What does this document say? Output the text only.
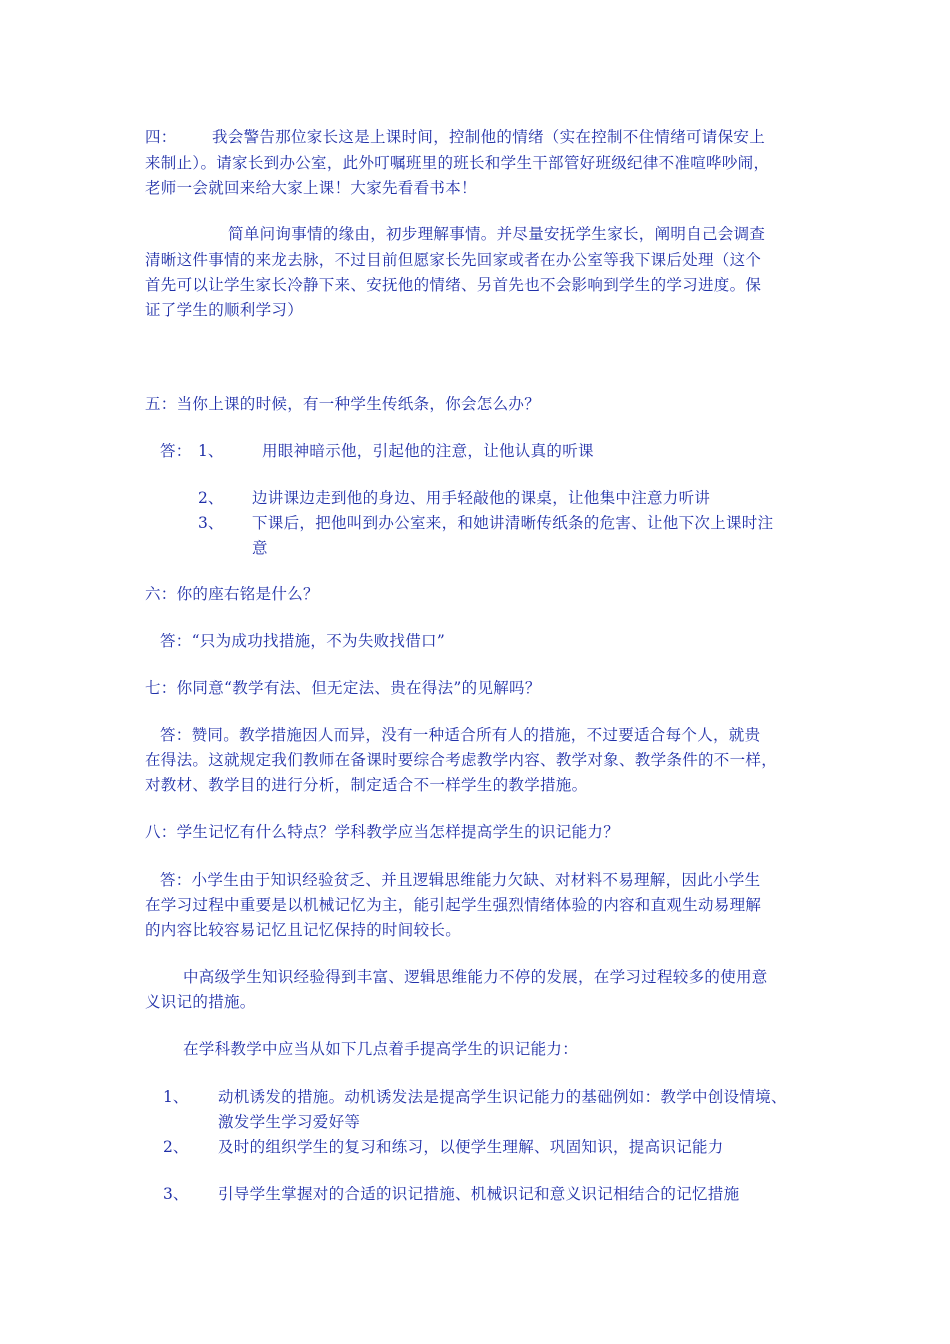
四： 我会警告那位家长这是上课时间，控制他的情绪（实在控制不住情绪可请保安上
来制止）。请家长到办公室，此外叮嘱班里的班长和学生干部管好班级纪律不准喧哗吵闹，
老师一会就回来给大家上课！大家先看看书本！
简单问询事情的缘由，初步理解事情。并尽量安抚学生家长，阐明自己会调查
清晰这件事情的来龙去脉，不过目前但愿家长先回家或者在办公室等我下课后处理（这个
首先可以让学生家长冷静下来、安抚他的情绪、另首先也不会影响到学生的学习进度。保
证了学生的顺利学习）
五：当你上课的时候，有一种学生传纸条，你会怎么办？
答： 1、 用眼神暗示他，引起他的注意，让他认真的听课
2、 边讲课边走到他的身边、用手轻敲他的课桌，让他集中注意力听讲
3、 下课后，把他叫到办公室来，和她讲清晰传纸条的危害、让他下次上课时注
意
六：你的座右铭是什么？
答：“只为成功找措施，不为失败找借口”
七：你同意“教学有法、但无定法、贵在得法”的见解吗？
答：赞同。教学措施因人而异，没有一种适合所有人的措施，不过要适合每个人，就贵
在得法。这就规定我们教师在备课时要综合考虑教学内容、教学对象、教学条件的不一样，
对教材、教学目的进行分析，制定适合不一样学生的教学措施。
八：学生记忆有什么特点？学科教学应当怎样提高学生的识记能力？
答：小学生由于知识经验贫乏、并且逻辑思维能力欠缺、对材料不易理解，因此小学生
在学习过程中重要是以机械记忆为主，能引起学生强烈情绪体验的内容和直观生动易理解
的内容比较容易记忆且记忆保持的时间较长。
中高级学生知识经验得到丰富、逻辑思维能力不停的发展，在学习过程较多的使用意
义识记的措施。
在学科教学中应当从如下几点着手提高学生的识记能力：
1、 动机诱发的措施。动机诱发法是提高学生识记能力的基础例如：教学中创设情境、
激发学生学习爱好等
2、 及时的组织学生的复习和练习，以便学生理解、巩固知识，提高识记能力
3、 引导学生掌握对的合适的识记措施、机械识记和意义识记相结合的记忆措施
